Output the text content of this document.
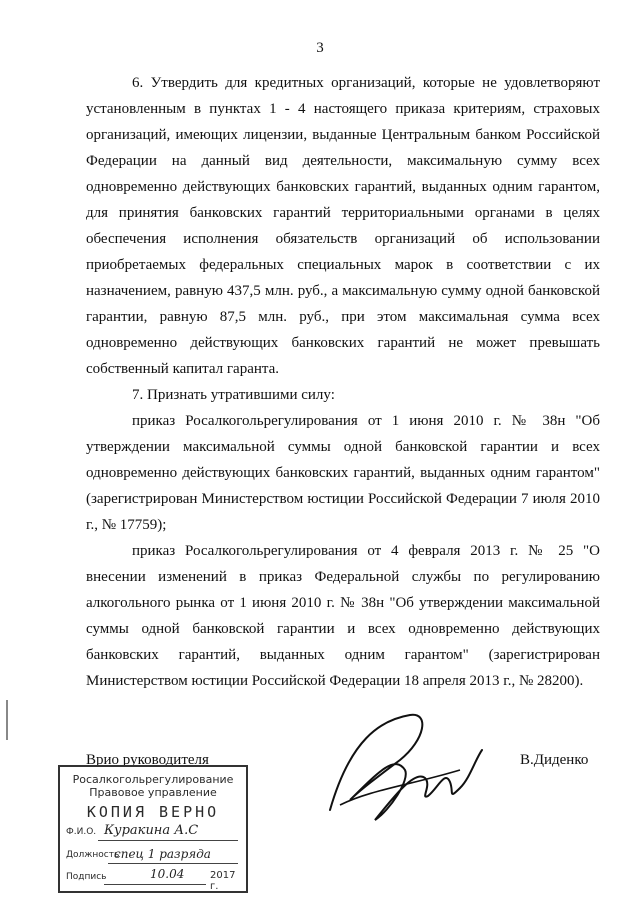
3

6. Утвердить для кредитных организаций, которые не удовлетворяют установленным в пунктах 1 - 4 настоящего приказа критериям, страховых организаций, имеющих лицензии, выданные Центральным банком Российской Федерации на данный вид деятельности, максимальную сумму всех одновременно действующих банковских гарантий, выданных одним гарантом, для принятия банковских гарантий территориальными органами в целях обеспечения исполнения обязательств организаций об использовании приобретаемых федеральных специальных марок в соответствии с их назначением, равную 437,5 млн. руб., а максимальную сумму одной банковской гарантии, равную 87,5 млн. руб., при этом максимальная сумма всех одновременно действующих банковских гарантий не может превышать собственный капитал гаранта.

7. Признать утратившими силу:

приказ Росалкогольрегулирования от 1 июня 2010 г. № 38н "Об утверждении максимальной суммы одной банковской гарантии и всех одновременно действующих банковских гарантий, выданных одним гарантом" (зарегистрирован Министерством юстиции Российской Федерации 7 июля 2010 г., № 17759);

приказ Росалкогольрегулирования от 4 февраля 2013 г. № 25 "О внесении изменений в приказ Федеральной службы по регулированию алкогольного рынка от 1 июня 2010 г. № 38н "Об утверждении максимальной суммы одной банковской гарантии и всех одновременно действующих банковских гарантий, выданных одним гарантом" (зарегистрирован Министерством юстиции Российской Федерации 18 апреля 2013 г., № 28200).

Врио руководителя	В.Диденко
Росалкогольрегулирование
Правовое управление
КОПИЯ ВЕРНО
Ф.И.О. Куракина А.С
Должность
спец 1 разряда
Подпись	10.04	2017 г.
